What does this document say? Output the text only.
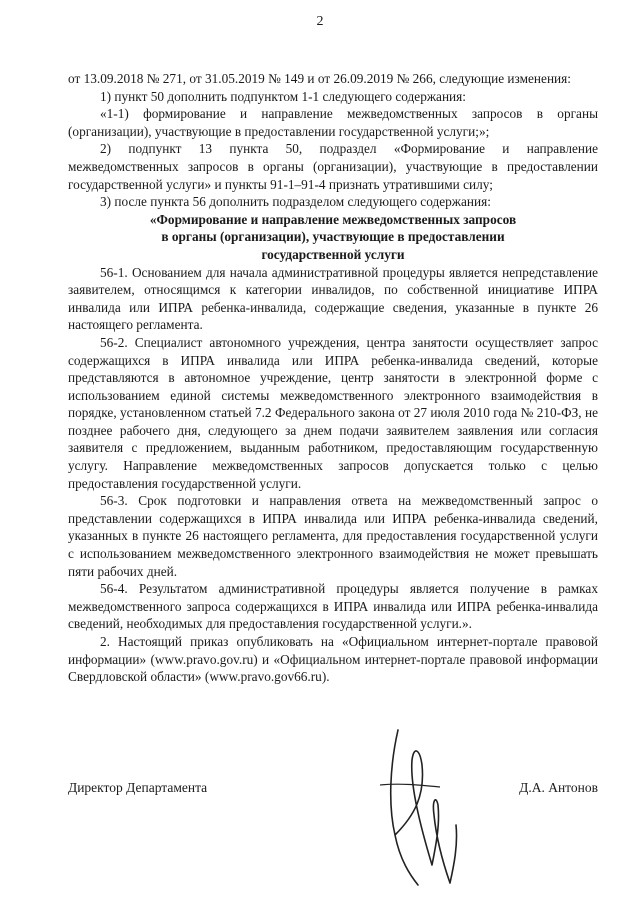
2

от 13.09.2018 № 271, от 31.05.2019 № 149 и от 26.09.2019 № 266, следующие изменения:

1) пункт 50 дополнить подпунктом 1-1 следующего содержания:

«1-1) формирование и направление межведомственных запросов в органы (организации), участвующие в предоставлении государственной услуги;»;

2) подпункт 13 пункта 50, подраздел «Формирование и направление межведомственных запросов в органы (организации), участвующие в предоставлении государственной услуги» и пункты 91-1–91-4 признать утратившими силу;

3) после пункта 56 дополнить подразделом следующего содержания:

«Формирование и направление межведомственных запросов

в органы (организации), участвующие в предоставлении

государственной услуги

56-1. Основанием для начала административной процедуры является непредставление заявителем, относящимся к категории инвалидов, по собственной инициативе ИПРА инвалида или ИПРА ребенка-инвалида, содержащие сведения, указанные в пункте 26 настоящего регламента.

56-2. Специалист автономного учреждения, центра занятости осуществляет запрос содержащихся в ИПРА инвалида или ИПРА ребенка-инвалида сведений, которые представляются в автономное учреждение, центр занятости в электронной форме с использованием единой системы межведомственного электронного взаимодействия в порядке, установленном статьей 7.2 Федерального закона от 27 июля 2010 года № 210-ФЗ, не позднее рабочего дня, следующего за днем подачи заявителем заявления или согласия заявителя с предложением, выданным работником, предоставляющим государственную услугу. Направление межведомственных запросов допускается только с целью предоставления государственной услуги.

56-3. Срок подготовки и направления ответа на межведомственный запрос о представлении содержащихся в ИПРА инвалида или ИПРА ребенка-инвалида сведений, указанных в пункте 26 настоящего регламента, для предоставления государственной услуги с использованием межведомственного электронного взаимодействия не может превышать пяти рабочих дней.

56-4. Результатом административной процедуры является получение в рамках межведомственного запроса содержащихся в ИПРА инвалида или ИПРА ребенка-инвалида сведений, необходимых для предоставления государственной услуги.».

2. Настоящий приказ опубликовать на «Официальном интернет-портале правовой информации» (www.pravo.gov.ru) и «Официальном интернет-портале правовой информации Свердловской области» (www.pravo.gov66.ru).

Директор Департамента	Д.А. Антонов
